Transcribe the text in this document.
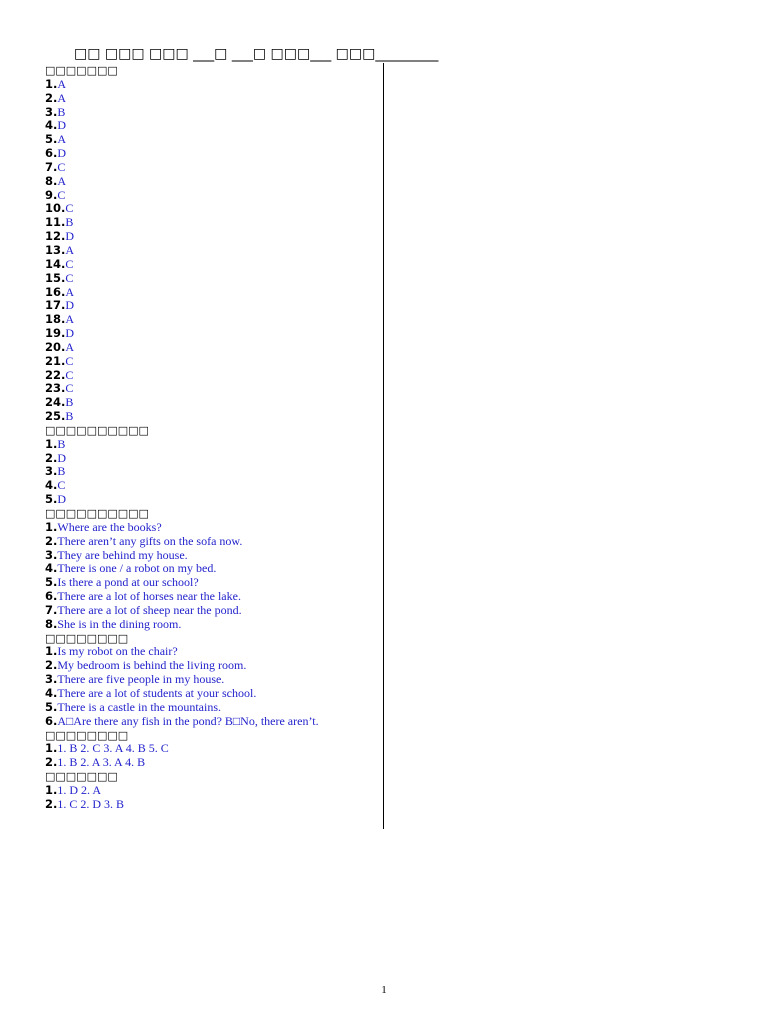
□□ □□□ □□□ ___□ ___□ □□□___ □□□_________
□□□□□□□
1.A
2.A
3.B
4.D
5.A
6.D
7.C
8.A
9.C
10.C
11.B
12.D
13.A
14.C
15.C
16.A
17.D
18.A
19.D
20.A
21.C
22.C
23.C
24.B
25.B
□□□□□□□□□□
1.B
2.D
3.B
4.C
5.D
□□□□□□□□□□
1.Where are the books?
2.There aren’t any gifts on the sofa now.
3.They are behind my house.
4.There is one / a robot on my bed.
5.Is there a pond at our school?
6.There are a lot of horses near the lake.
7.There are a lot of sheep near the pond.
8.She is in the dining room.
□□□□□□□□
1.Is my robot on the chair?
2.My bedroom is behind the living room.
3.There are five people in my house.
4.There are a lot of students at your school.
5.There is a castle in the mountains.
6.A□Are there any fish in the pond? B□No, there aren’t.
□□□□□□□□
1.1. B 2. C 3. A 4. B 5. C
2.1. B 2. A 3. A 4. B
□□□□□□□
1.1. D 2. A
2.1. C 2. D 3. B
1
